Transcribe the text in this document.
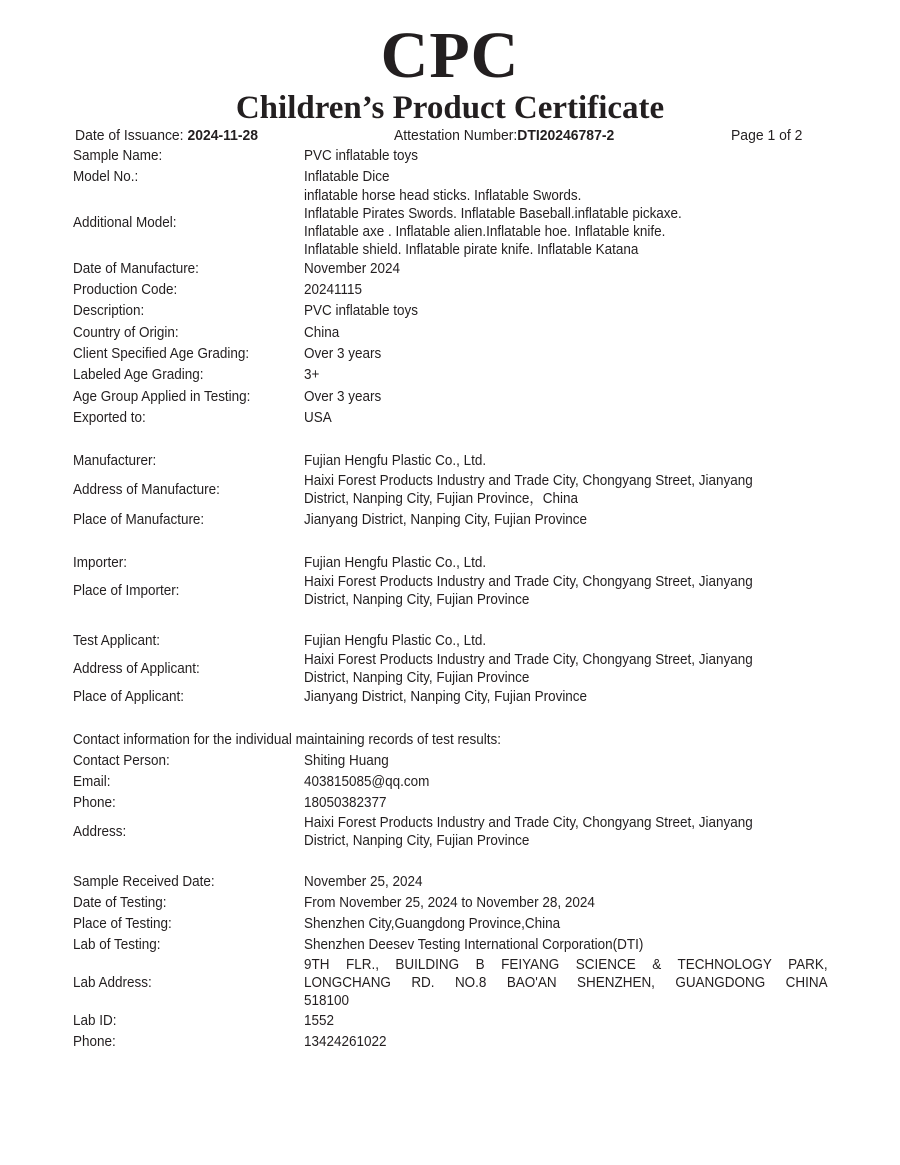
CPC
Children’s Product Certificate
Date of Issuance: 2024-11-28	Attestation Number:DTI20246787-2	Page 1 of 2
Sample Name:	PVC inflatable toys
Model No.:	Inflatable Dice
Additional Model:
inflatable horse head sticks. Inflatable Swords.
Inflatable Pirates Swords. Inflatable Baseball.inflatable pickaxe.
Inflatable axe . Inflatable alien.Inflatable hoe. Inflatable knife.
Inflatable shield. Inflatable pirate knife. Inflatable Katana
Date of Manufacture:	November 2024
Production Code:	20241115
Description:	PVC inflatable toys
Country of Origin:	China
Client Specified Age Grading:	Over 3 years
Labeled Age Grading:	3+
Age Group Applied in Testing:	Over 3 years
Exported to:	USA
Manufacturer:	Fujian Hengfu Plastic Co., Ltd.
Address of Manufacture:
Haixi Forest Products Industry and Trade City, Chongyang Street, Jianyang
District, Nanping City, Fujian Province，China
Place of Manufacture:	Jianyang District, Nanping City, Fujian Province
Importer:	Fujian Hengfu Plastic Co., Ltd.
Place of Importer:
Haixi Forest Products Industry and Trade City, Chongyang Street, Jianyang
District, Nanping City, Fujian Province
Test Applicant:	Fujian Hengfu Plastic Co., Ltd.
Address of Applicant:
Haixi Forest Products Industry and Trade City, Chongyang Street, Jianyang
District, Nanping City, Fujian Province
Place of Applicant:	Jianyang District, Nanping City, Fujian Province
Contact information for the individual maintaining records of test results:
Contact Person:	Shiting Huang
Email:	403815085@qq.com
Phone:	18050382377
Address:
Haixi Forest Products Industry and Trade City, Chongyang Street, Jianyang
District, Nanping City, Fujian Province
Sample Received Date:	November 25, 2024
Date of Testing:	From November 25, 2024 to November 28, 2024
Place of Testing:	Shenzhen City,Guangdong Province,China
Lab of Testing:	Shenzhen Deesev Testing International Corporation(DTI)
Lab Address:
9TH FLR., BUILDING B FEIYANG SCIENCE & TECHNOLOGY PARK,
LONGCHANG RD. NO.8 BAO'AN SHENZHEN, GUANGDONG CHINA
518100
Lab ID:	1552
Phone:	13424261022
